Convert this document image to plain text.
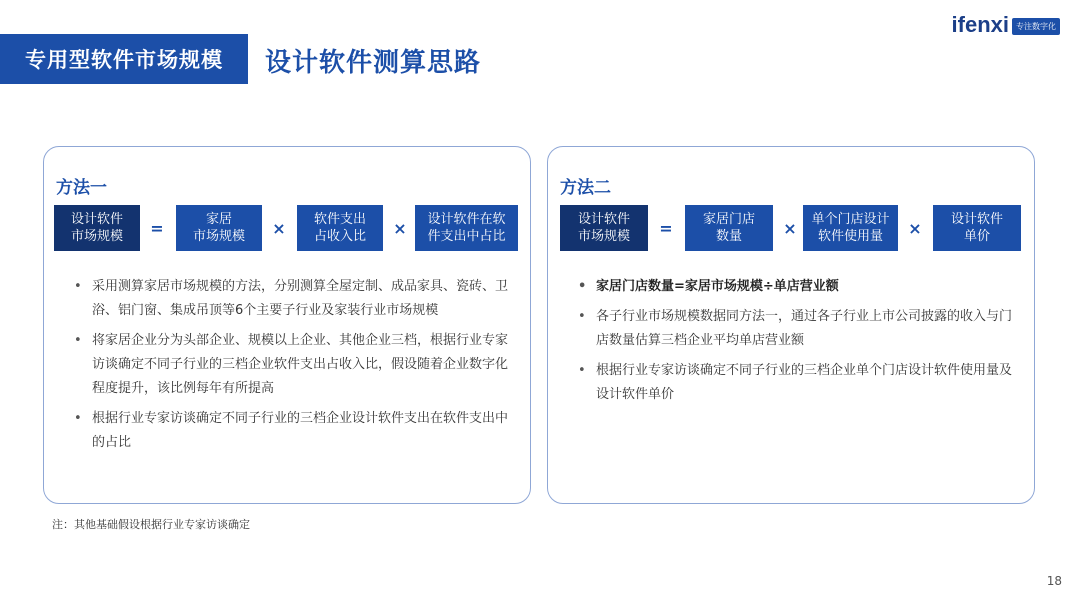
专用型软件市场规模	设计软件测算思路
ifenxi 专注数字化
方法一
设计软件
市场规模	=	家居
市场规模	×	软件支出
占收入比	×	设计软件在软
件支出中占比
• 采用测算家居市场规模的方法，分别测算全屋定制、成品家具、瓷砖、卫浴、铝门窗、集成吊顶等6个主要子行业及家装行业市场规模
• 将家居企业分为头部企业、规模以上企业、其他企业三档，根据行业专家访谈确定不同子行业的三档企业软件支出占收入比，假设随着企业数字化程度提升，该比例每年有所提高
• 根据行业专家访谈确定不同子行业的三档企业设计软件支出在软件支出中的占比
方法二
设计软件
市场规模	=	家居门店
数量	×	单个门店设计
软件使用量	×	设计软件
单价
• 家居门店数量=家居市场规模÷单店营业额
• 各子行业市场规模数据同方法一，通过各子行业上市公司披露的收入与门店数量估算三档企业平均单店营业额
• 根据行业专家访谈确定不同子行业的三档企业单个门店设计软件使用量及设计软件单价
注：其他基础假设根据行业专家访谈确定
18
